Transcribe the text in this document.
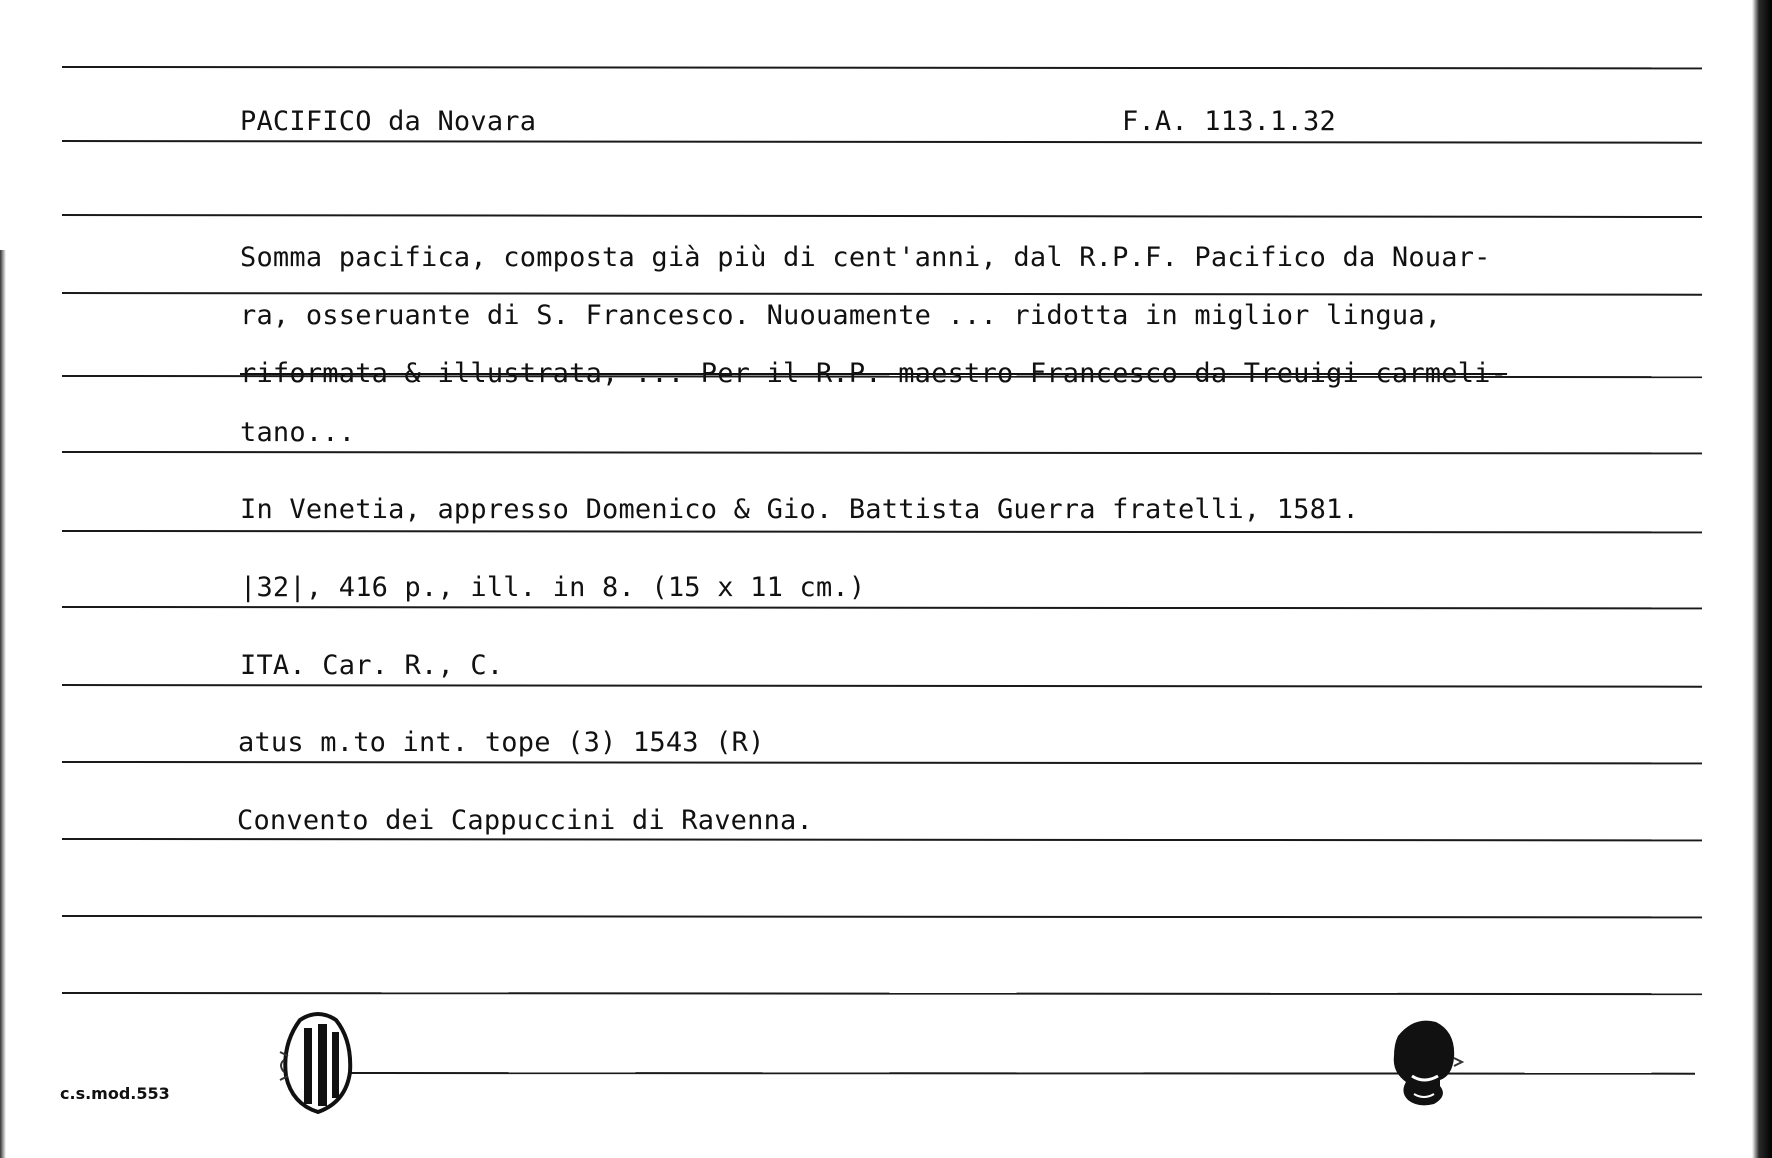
PACIFICO da Novara	F.A. 113.1.32
Somma pacifica, composta già più di cent'anni, dal R.P.F. Pacifico da Nouar-
ra, osseruante di S. Francesco. Nuouamente ... ridotta in miglior lingua,
riformata & illustrata, ... Per il R.P. maestro Francesco da Treuigi carmeli-
tano...
In Venetia, appresso Domenico & Gio. Battista Guerra fratelli, 1581.
|32|, 416 p., ill. in 8. (15 x 11 cm.)
ITA. Car. R., C.
atus m.to int. tope (3) 1543 (R)
Convento dei Cappuccini di Ravenna.
c.s.mod.553
